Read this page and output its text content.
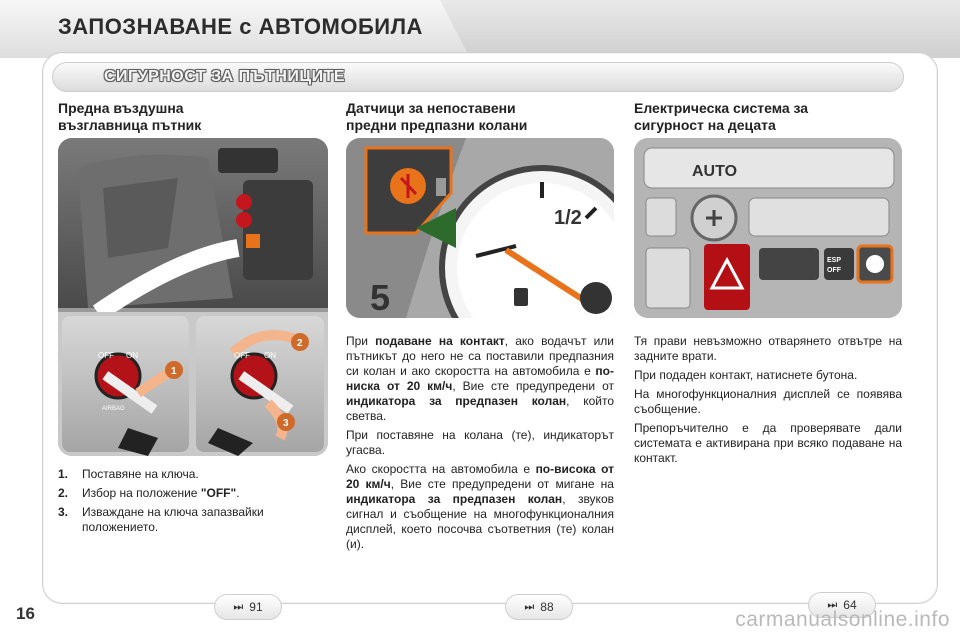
ЗАПОЗНАВАНЕ с АВТОМОБИЛА
СИГУРНОСТ ЗА ПЪТНИЦИТЕ
Предна въздушна
възглавница пътник
OFF ON
AIRBAG
OFF ON
1
2
3
1.	Поставяне на ключа.
2.	Избор на положение "OFF".
3.	Изваждане на ключа запазвайки положението.
Датчици за непоставени
предни предпазни колани
1/2
5

При подаване на контакт, ако водачът или пътникът до него не са поставили предпазния си колан и ако скоростта на автомобила е по-ниска от 20 км/ч, Вие сте предупредени от индикатора за предпазен колан, който светва.

При поставяне на колана (те), индикаторът угасва.

Ако скоростта на автомобила е по-висока от 20 км/ч, Вие сте предупредени от мигане на индикатора за предпазен колан, звуков сигнал и съобщение на многофункционалния дисплей, което посочва съответния (те) колан (и).

Електрическа система за
сигурност на децата
AUTO
ESP
OFF

Тя прави невъзможно отварянето отвътре на задните врати.

При подаден контакт, натиснете бутона.

На многофункционалния дисплей се появява съобщение.

Препоръчително е да проверявате дали системата е активирана при всяко подаване на контакт.

⏭ 91	⏭ 88	⏭ 64
16	carmanualsonline.info
